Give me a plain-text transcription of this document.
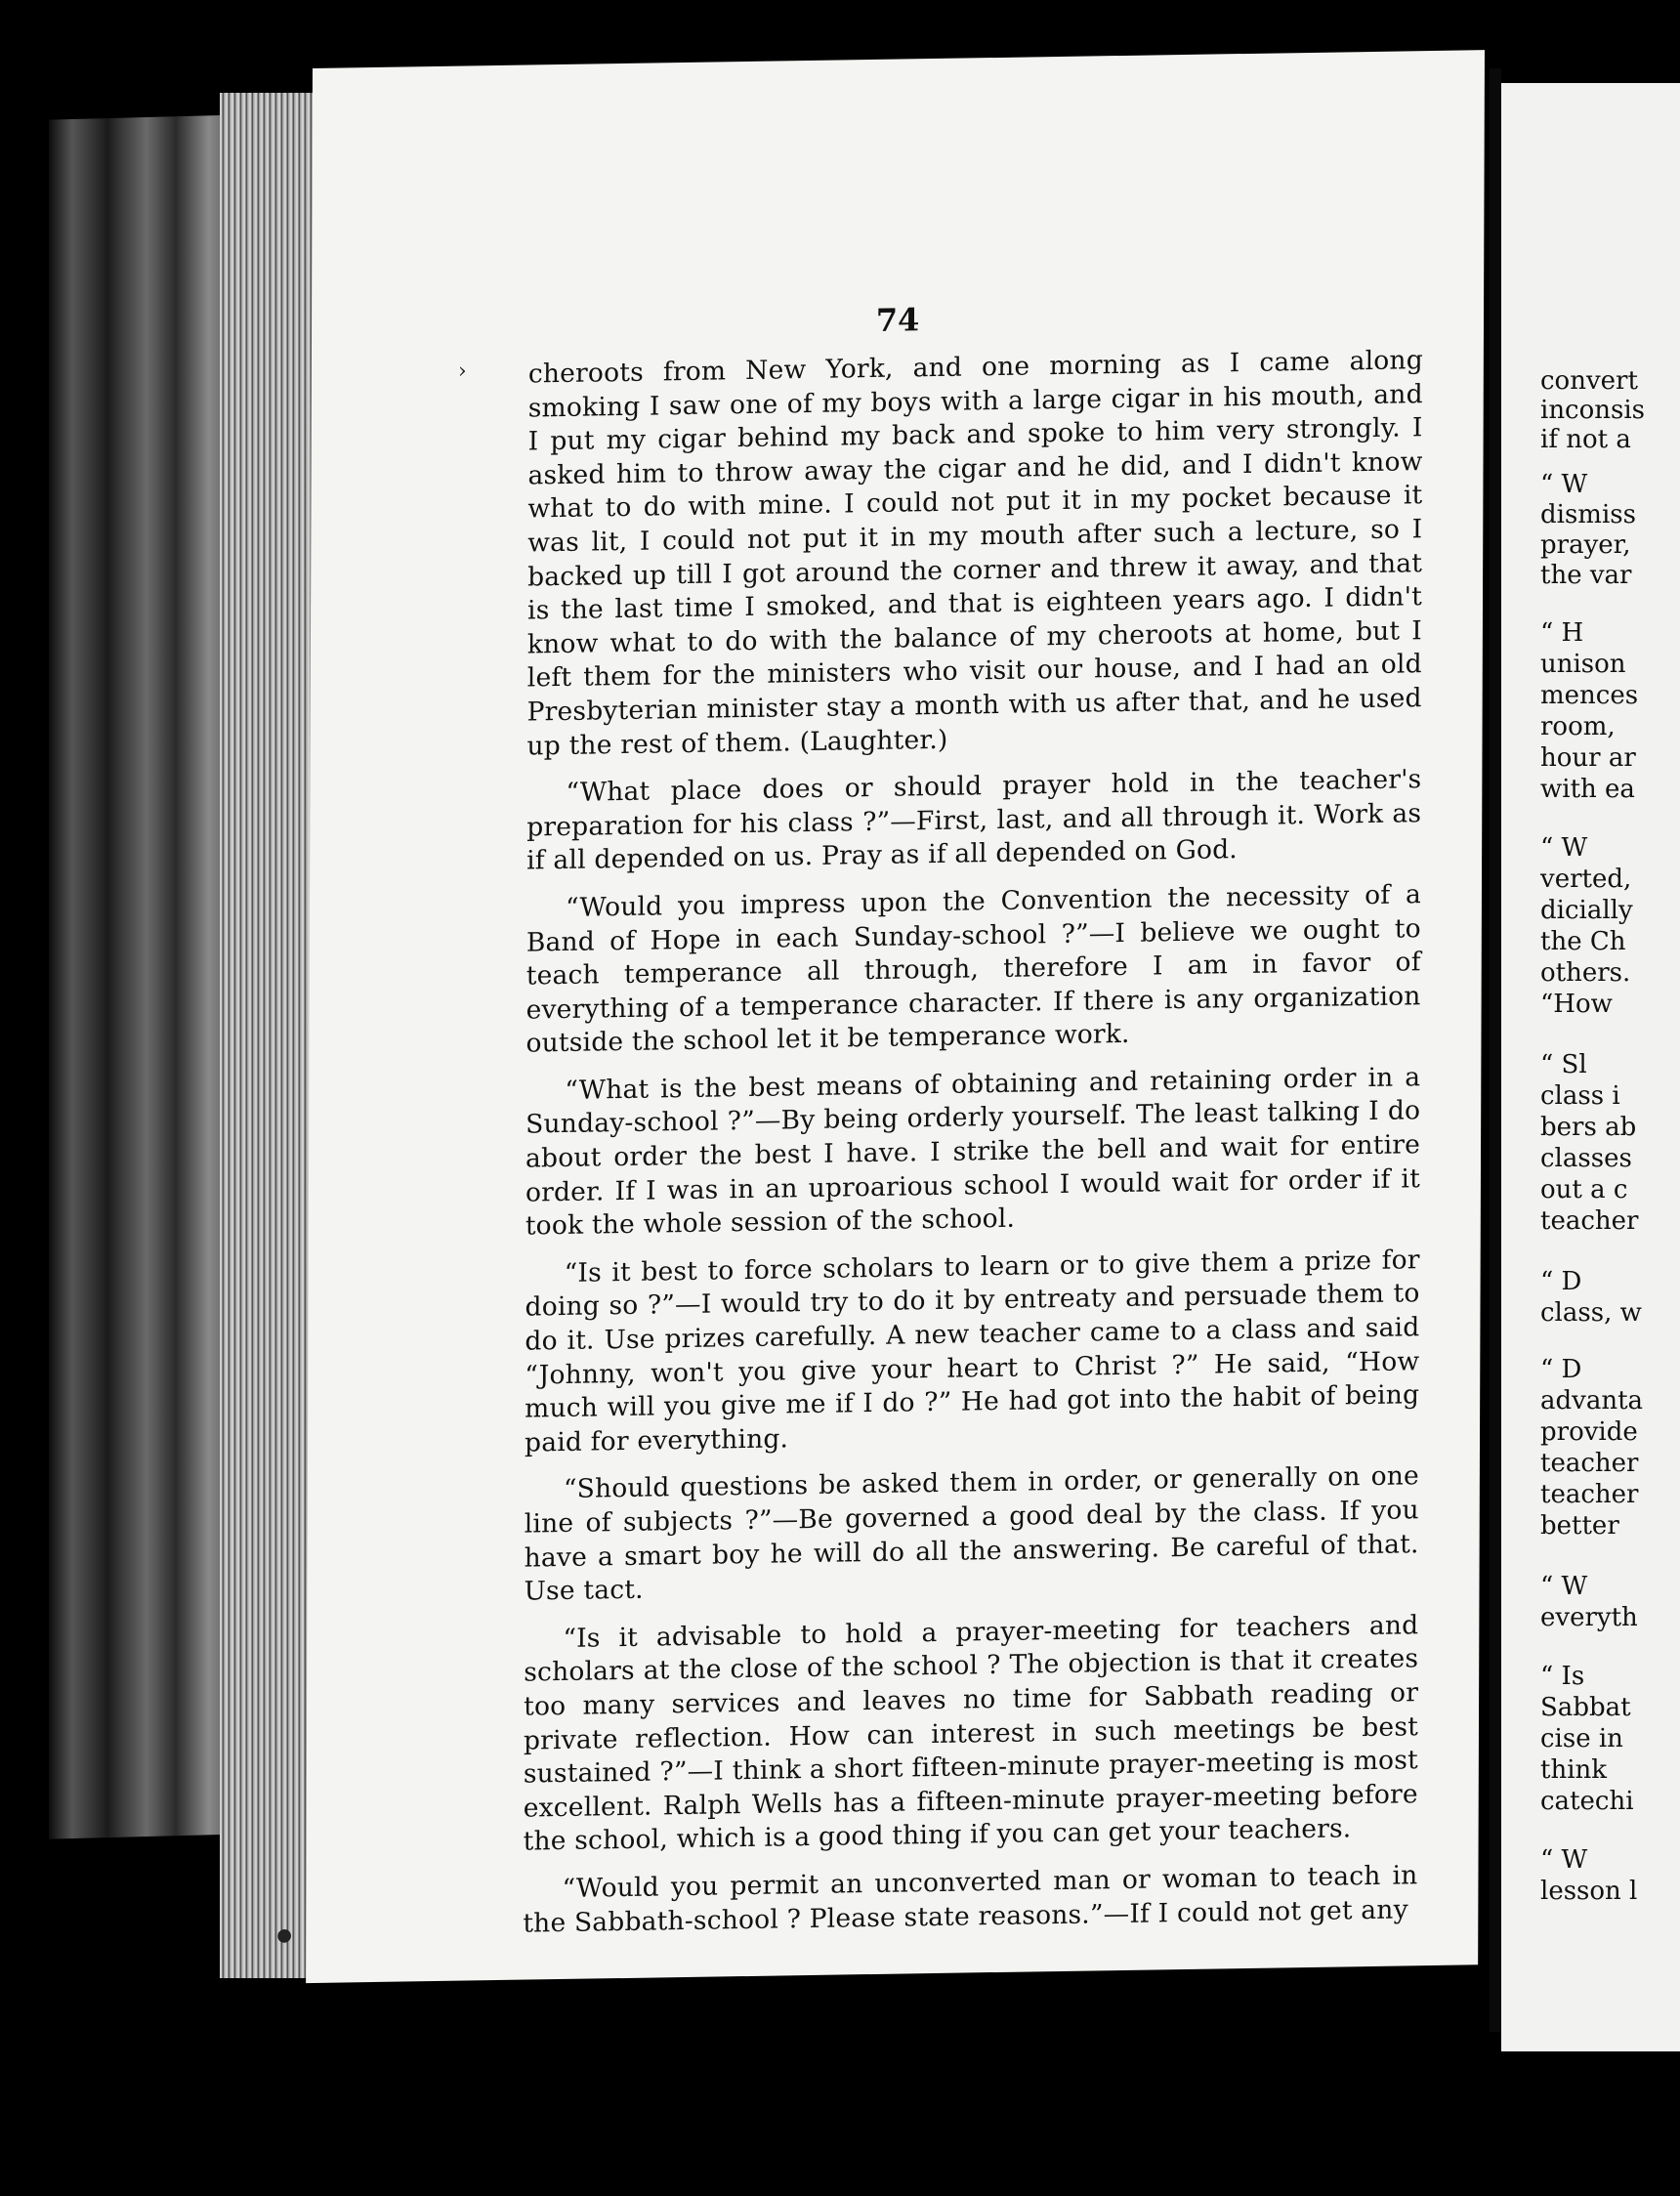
74

cheroots from New York, and one morning as I came along smoking I saw one of my boys with a large cigar in his mouth, and I put my cigar behind my back and spoke to him very strongly. I asked him to throw away the cigar and he did, and I didn't know what to do with mine. I could not put it in my pocket because it was lit, I could not put it in my mouth after such a lecture, so I backed up till I got around the corner and threw it away, and that is the last time I smoked, and that is eighteen years ago. I didn't know what to do with the balance of my cheroots at home, but I left them for the ministers who visit our house, and I had an old Presbyterian minister stay a month with us after that, and he used up the rest of them. (Laughter.)

“What place does or should prayer hold in the teacher's preparation for his class ?”—First, last, and all through it. Work as if all depended on us. Pray as if all depended on God.

“Would you impress upon the Convention the necessity of a Band of Hope in each Sunday-school ?”—I believe we ought to teach temperance all through, therefore I am in favor of everything of a temperance character. If there is any organization outside the school let it be temperance work.

“What is the best means of obtaining and retaining order in a Sunday-school ?”—By being orderly yourself. The least talking I do about order the best I have. I strike the bell and wait for entire order. If I was in an uproarious school I would wait for order if it took the whole session of the school.

“Is it best to force scholars to learn or to give them a prize for doing so ?”—I would try to do it by entreaty and persuade them to do it. Use prizes carefully. A new teacher came to a class and said “Johnny, won't you give your heart to Christ ?” He said, “How much will you give me if I do ?” He had got into the habit of being paid for everything.

“Should questions be asked them in order, or generally on one line of subjects ?”—Be governed a good deal by the class. If you have a smart boy he will do all the answering. Be careful of that. Use tact.

“Is it advisable to hold a prayer-meeting for teachers and scholars at the close of the school ? The objection is that it creates too many services and leaves no time for Sabbath reading or private reflection. How can interest in such meetings be best sustained ?”—I think a short fifteen-minute prayer-meeting is most excellent. Ralph Wells has a fifteen-minute prayer-meeting before the school, which is a good thing if you can get your teachers.

“Would you permit an unconverted man or woman to teach in the Sabbath-school ? Please state reasons.”—If I could not get any

›
●
convert
inconsis
if not a
“ W
dismiss
prayer,
the var
“ H
unison
mences
room,
hour ar
with ea
“ W
verted,
dicially
the Ch
others.
“How
“ Sl
class i
bers ab
classes
out a c
teacher
“ D
class, w
“ D
advanta
provide
teacher
teacher
better
“ W
everyth
“ Is
Sabbat
cise in
think
catechi
“ W
lesson l
